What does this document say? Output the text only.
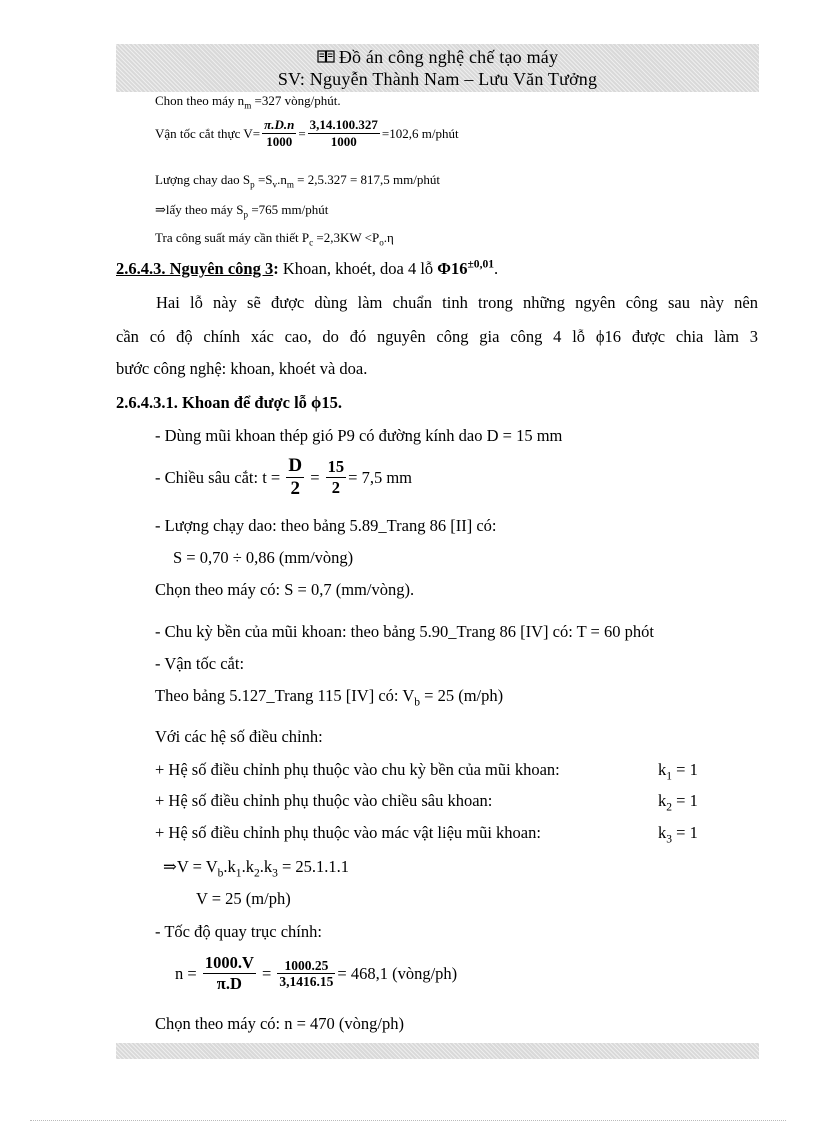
Đồ án công nghệ chế tạo máy
SV: Nguyễn Thành Nam – Lưu Văn Tưởng
Chon theo máy $n_m =327$ vòng/phút.
Vận tốc cắt thực $V= \frac{\pi.D.n}{1000} = \frac{3,14.100.327}{1000} =102,6$ m/phút
Lượng chay dao $S_p =S_v.n_m = 2,5.327 = 817,5$ mm/phút
⇒lấy theo máy $S_p =765$ mm/phút
Tra công suất máy cần thiết $P_c =2,3KW <P_o.\eta$
2.6.4.3. Nguyên công 3: Khoan, khoét, doa 4 lỗ $\Phi 16^{\pm 0,01}$.
Hai lỗ này sẽ được dùng làm chuẩn tinh trong những ngyên công sau này nên
cần có độ chính xác cao, do đó nguyên công gia công 4 lỗ ϕ16 được chia làm 3
bước công nghệ: khoan, khoét và doa.
2.6.4.3.1. Khoan để được lỗ ϕ15.
- Dùng mũi khoan thép gió P9 có đường kính dao D = 15 mm
- Chiều sâu cắt: $t = \frac{D}{2} = \frac{15}{2} = 7,5$ mm
- Lượng chạy dao: theo bảng 5.89_Trang 86 [II] có:
S = 0,70 ÷ 0,86 (mm/vòng)
Chọn theo máy có: S = 0,7 (mm/vòng).
- Chu kỳ bền của mũi khoan: theo bảng 5.90_Trang 86 [IV] có: T = 60 phót
- Vận tốc cắt:
Theo bảng 5.127_Trang 115 [IV] có: $V_b = 25$ (m/ph)
Với các hệ số điều chỉnh:
+ Hệ số điều chỉnh phụ thuộc vào chu kỳ bền của mũi khoan:	$k_1 = 1$
+ Hệ số điều chỉnh phụ thuộc vào chiều sâu khoan:	$k_2 = 1$
+ Hệ số điều chỉnh phụ thuộc vào mác vật liệu mũi khoan:	$k_3 = 1$
⇒V = $V_b.k_1.k_2.k_3 = 25.1.1.1$
V = 25 (m/ph)
- Tốc độ quay trục chính:
$n = \frac{1000.V}{\pi.D} = \frac{1000.25}{3,1416.15} = 468,1$ (vòng/ph)
Chọn theo máy có: n = 470 (vòng/ph)
